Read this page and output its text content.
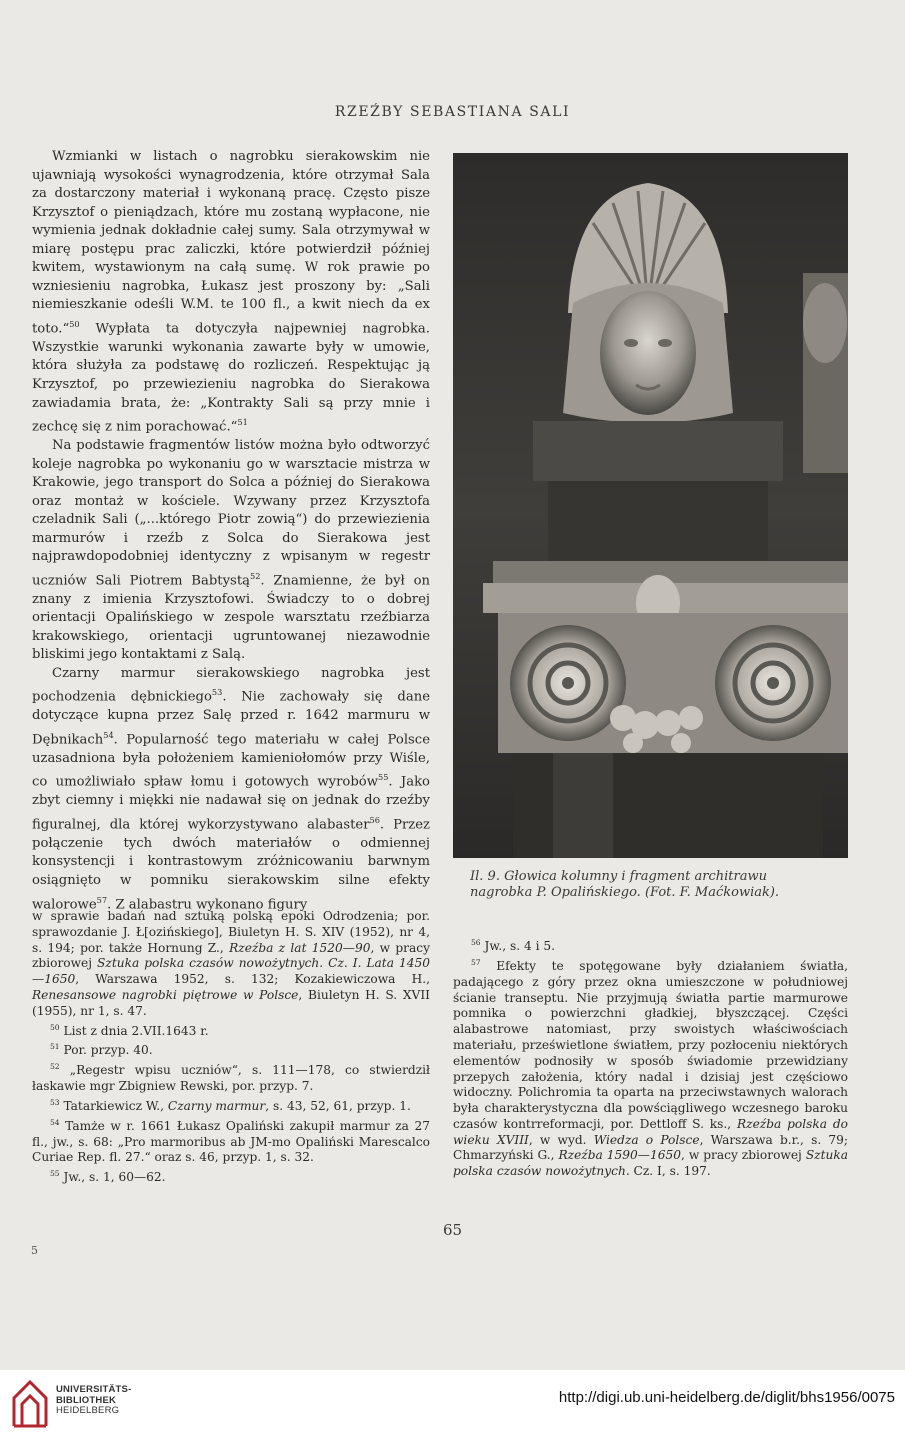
RZEŹBY SEBASTIANA SALI

Wzmianki w listach o nagrobku sierakowskim nie ujawniają wysokości wynagrodzenia, które otrzymał Sala za dostarczony materiał i wykonaną pracę. Często pisze Krzysztof o pieniądzach, które mu zostaną wypłacone, nie wymienia jednak dokładnie całej sumy. Sala otrzymywał w miarę postępu prac zaliczki, które potwierdził później kwitem, wystawionym na całą sumę. W rok prawie po wzniesieniu nagrobka, Łukasz jest proszony by: „Sali niemieszkanie odeśli W.M. te 100 fl., a kwit niech da ex toto.“$^{50}$ Wypłata ta dotyczyła najpewniej nagrobka. Wszystkie warunki wykonania zawarte były w umowie, która służyła za podstawę do rozliczeń. Respektując ją Krzysztof, po przewiezieniu nagrobka do Sierakowa zawiadamia brata, że: „Kontrakty Sali są przy mnie i zechcę się z nim porachować.“$^{51}$

Na podstawie fragmentów listów można było odtworzyć koleje nagrobka po wykonaniu go w warsztacie mistrza w Krakowie, jego transport do Solca a później do Sierakowa oraz montaż w kościele. Wzywany przez Krzysztofa czeladnik Sali („...którego Piotr zowią“) do przewiezienia marmurów i rzeźb z Solca do Sierakowa jest najprawdopodobniej identyczny z wpisanym w regestr uczniów Sali Piotrem Babtystą$^{52}$. Znamienne, że był on znany z imienia Krzysztofowi. Świadczy to o dobrej orientacji Opalińskiego w zespole warsztatu rzeźbiarza krakowskiego, orientacji ugruntowanej niezawodnie bliskimi jego kontaktami z Salą.

Czarny marmur sierakowskiego nagrobka jest pochodzenia dębnickiego$^{53}$. Nie zachowały się dane dotyczące kupna przez Salę przed r. 1642 marmuru w Dębnikach$^{54}$. Popularność tego materiału w całej Polsce uzasadniona była położeniem kamieniołomów przy Wiśle, co umożliwiało spław łomu i gotowych wyrobów$^{55}$. Jako zbyt ciemny i miękki nie nadawał się on jednak do rzeźby figuralnej, dla której wykorzystywano alabaster$^{56}$. Przez połączenie tych dwóch materiałów o odmiennej konsystencji i kontrastowym zróżnicowaniu barwnym osiągnięto w pomniku sierakowskim silne efekty walorowe$^{57}$. Z alabastru wykonano figury

Il. 9. Głowica kolumny i fragment architrawu
nagrobka P. Opalińskiego. (Fot. F. Maćkowiak).

w sprawie badań nad sztuką polską epoki Odrodzenia; por. sprawozdanie J. Ł[ozińskiego], Biuletyn H. S. XIV (1952), nr 4, s. 194; por. także Hornung Z., Rzeźba z lat 1520—90, w pracy zbiorowej Sztuka polska czasów nowożytnych. Cz. I. Lata 1450—1650, Warszawa 1952, s. 132; Kozakiewiczowa H., Renesansowe nagrobki piętrowe w Polsce, Biuletyn H. S. XVII (1955), nr 1, s. 47.

$^{50}$ List z dnia 2.VII.1643 r.

$^{51}$ Por. przyp. 40.

$^{52}$ „Regestr wpisu uczniów“, s. 111—178, co stwierdził łaskawie mgr Zbigniew Rewski, por. przyp. 7.

$^{53}$ Tatarkiewicz W., Czarny marmur, s. 43, 52, 61, przyp. 1.

$^{54}$ Tamże w r. 1661 Łukasz Opaliński zakupił marmur za 27 fl., jw., s. 68: „Pro marmoribus ab JM-mo Opaliński Marescalco Curiae Rep. fl. 27.“ oraz s. 46, przyp. 1, s. 32.

$^{55}$ Jw., s. 1, 60—62.

$^{56}$ Jw., s. 4 i 5.

$^{57}$ Efekty te spotęgowane były działaniem światła, padającego z góry przez okna umieszczone w południowej ścianie transeptu. Nie przyjmują światła partie marmurowe pomnika o powierzchni gładkiej, błyszczącej. Części alabastrowe natomiast, przy swoistych właściwościach materiału, prześwietlone światłem, przy pozłoceniu niektórych elementów podnosiły w sposób świadomie przewidziany przepych założenia, który nadal i dzisiaj jest częściowo widoczny. Polichromia ta oparta na przeciwstawnych walorach była charakterystyczna dla powściągliwego wczesnego baroku czasów kontrreformacji, por. Dettloff S. ks., Rzeźba polska do wieku XVIII, w wyd. Wiedza o Polsce, Warszawa b.r., s. 79; Chmarzyński G., Rzeźba 1590—1650, w pracy zbiorowej Sztuka polska czasów nowożytnych. Cz. I, s. 197.

65
5
UNIVERSITÄTS-
BIBLIOTHEK
HEIDELBERG
http://digi.ub.uni-heidelberg.de/diglit/bhs1956/0075
